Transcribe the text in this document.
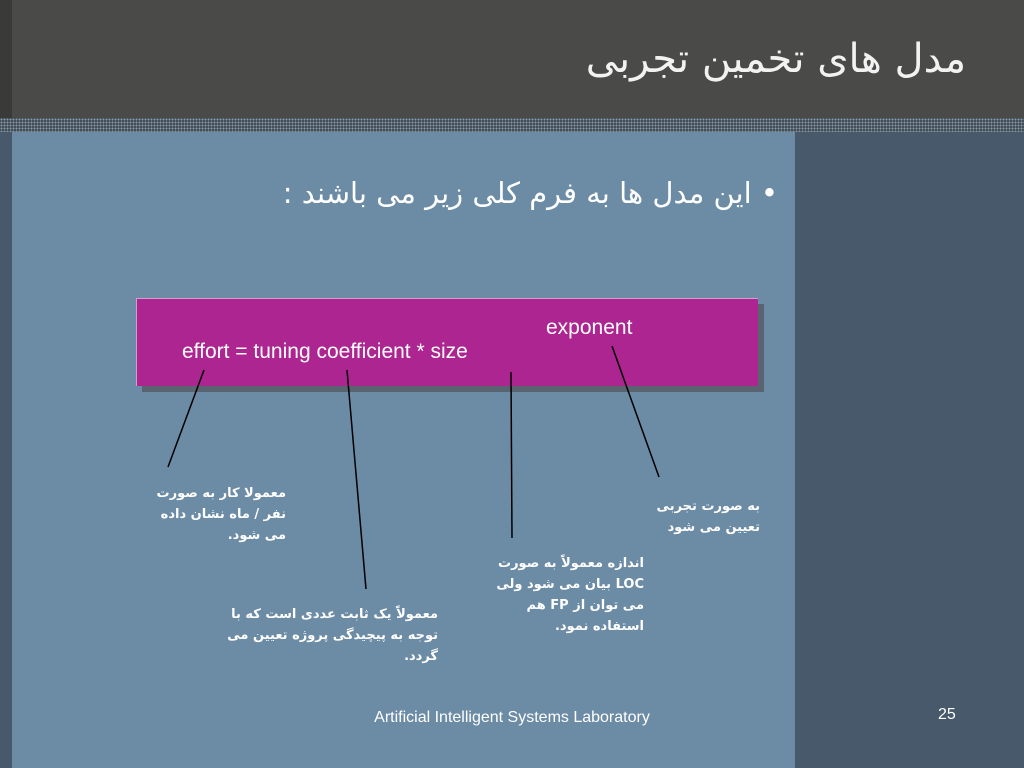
مدل های تخمین تجربی
• این مدل ها به فرم کلی زیر می باشند :
effort = tuning coefficient * size
exponent
معمولا کار به صورت نفر / ماه نشان داده می شود.
معمولاً یک ثابت عددی است که با توجه به پیچیدگی پروژه تعیین می گردد.
اندازه معمولاً به صورت LOC بیان می شود ولی می توان از FP هم استفاده نمود.
به صورت تجربی تعیین می شود
Artificial Intelligent Systems Laboratory	25
